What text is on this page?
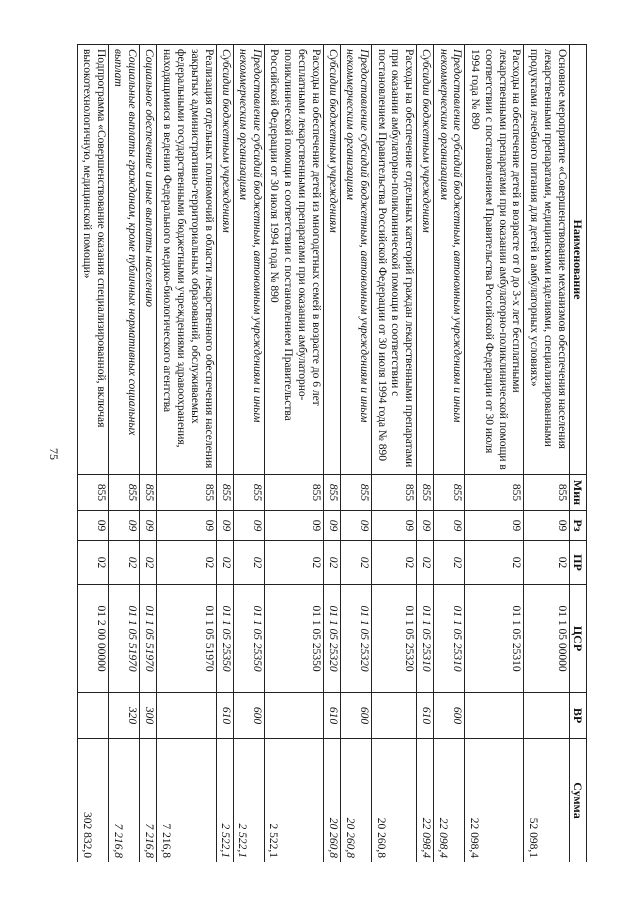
75
Наименование	Мин	Рз	ПР	ЦСР	ВР	Сумма
Основное мероприятие «Совершенствование механизмов обеспечения населения лекарственными препаратами, медицинскими изделиями, специализированными продуктами лечебного питания для детей в амбулаторных условиях»	855	09	02	01 1 05 00000		52 098,1
Расходы на обеспечение детей в возрасте от 0 до 3-х лет бесплатными лекарственными препаратами при оказании амбулаторно-поликлинической помощи в соответствии с постановлением Правительства Российской Федерации от 30 июля 1994 года № 890	855	09	02	01 1 05 25310		22 098,4
Предоставление субсидий бюджетным, автономным учреждениям и иным некоммерческим организациям	855	09	02	01 1 05 25310	600	22 098,4
Субсидии бюджетным учреждениям	855	09	02	01 1 05 25310	610	22 098,4
Расходы на обеспечение отдельных категорий граждан лекарственными препаратами при оказании амбулаторно-поликлинической помощи в соответствии с постановлением Правительства Российской Федерации от 30 июля 1994 года № 890	855	09	02	01 1 05 25320		20 260,8
Предоставление субсидий бюджетным, автономным учреждениям и иным некоммерческим организациям	855	09	02	01 1 05 25320	600	20 260,8
Субсидии бюджетным учреждениям	855	09	02	01 1 05 25320	610	20 260,8
Расходы на обеспечение детей из многодетных семей в возрасте до 6 лет бесплатными лекарственными препаратами при оказании амбулаторно-поликлинической помощи в соответствии с постановлением Правительства Российской Федерации от 30 июля 1994 года № 890	855	09	02	01 1 05 25350		2 522,1
Предоставление субсидий бюджетным, автономным учреждениям и иным некоммерческим организациям	855	09	02	01 1 05 25350	600	2 522,1
Субсидии бюджетным учреждениям	855	09	02	01 1 05 25350	610	2 522,1
Реализация отдельных полномочий в области лекарственного обеспечения населения закрытых административно-территориальных образований, обслуживаемых федеральными государственными бюджетными учреждениями здравоохранения, находящимися в ведении Федерального медико-биологического агентства	855	09	02	01 1 05 51970		7 216,8
Социальное обеспечение и иные выплаты населению	855	09	02	01 1 05 51970	300	7 216,8
Социальные выплаты гражданам, кроме публичных нормативных социальных выплат	855	09	02	01 1 05 51970	320	7 216,8
Подпрограмма «Совершенствование оказания специализированной, включая высокотехнологичную, медицинской помощи»	855	09	02	01 2 00 00000		302 832,0
